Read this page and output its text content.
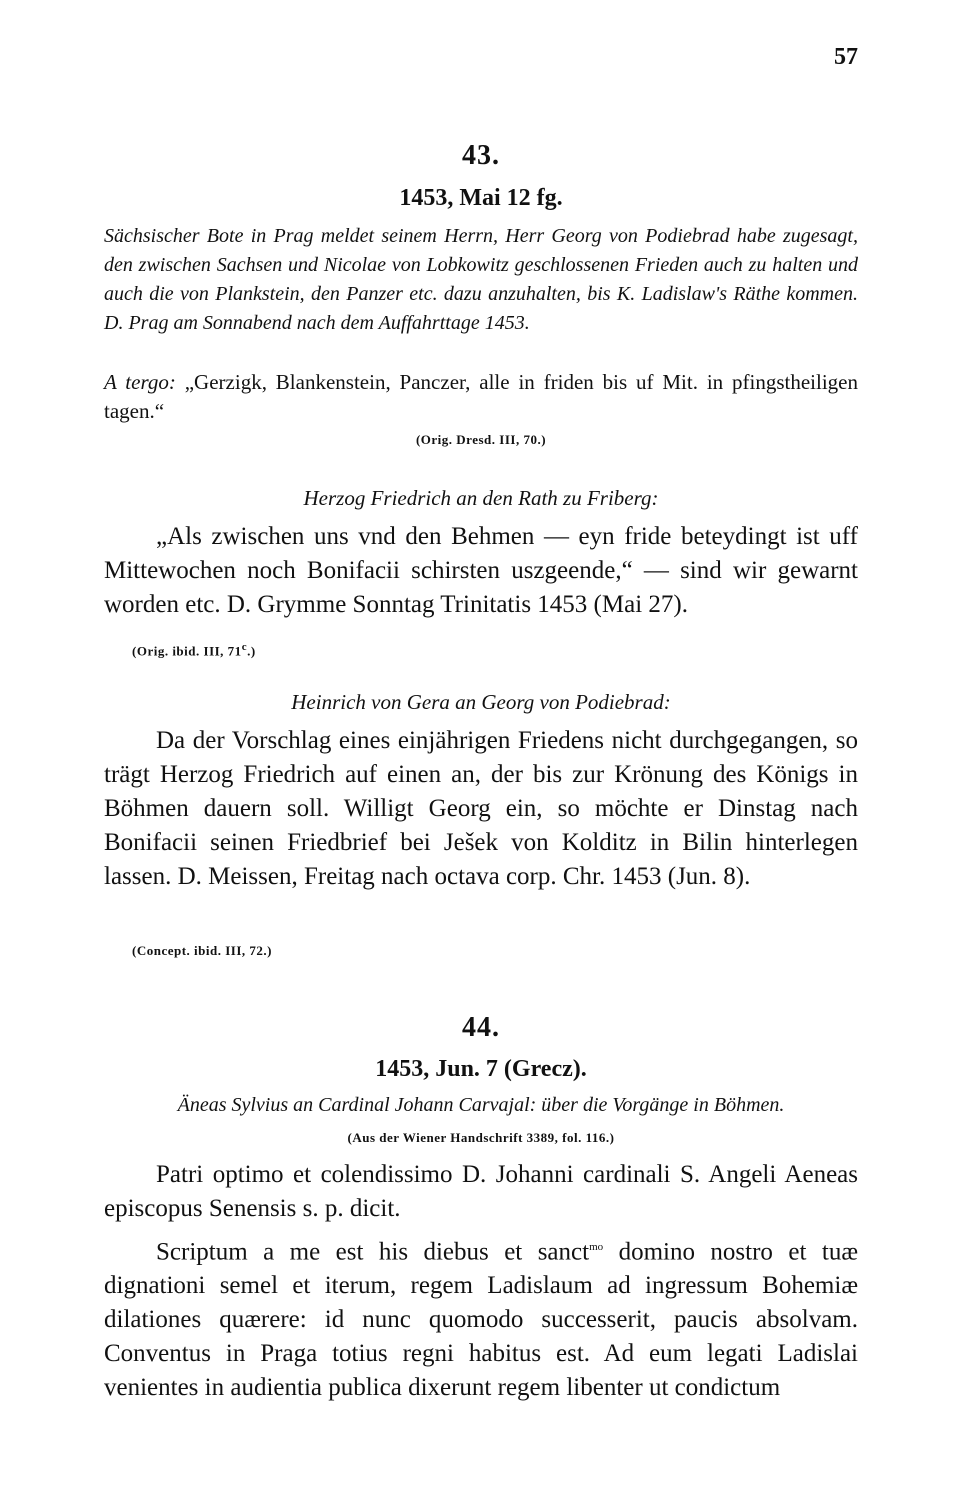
57
43.
1453, Mai 12 fg.
Sächsischer Bote in Prag meldet seinem Herrn, Herr Georg von Podiebrad habe zugesagt, den zwischen Sachsen und Nicolae von Lobkowitz geschlossenen Frieden auch zu halten und auch die von Plankstein, den Panzer etc. dazu anzuhalten, bis K. Ladislaw's Räthe kommen. D. Prag am Sonnabend nach dem Auffahrttage 1453.
A tergo: „Gerzigk, Blankenstein, Panczer, alle in friden bis uf Mit. in pfingstheiligen tagen.“
(Orig. Dresd. III, 70.)
Herzog Friedrich an den Rath zu Friberg:
„Als zwischen uns vnd den Behmen — eyn fride beteydingt ist uff Mittewochen noch Bonifacii schirsten uszgeende,“ — sind wir gewarnt worden etc. D. Grymme Sonntag Trinitatis 1453 (Mai 27).
(Orig. ibid. III, 71$^c$.)
Heinrich von Gera an Georg von Podiebrad:
Da der Vorschlag eines einjährigen Friedens nicht durchgegangen, so trägt Herzog Friedrich auf einen an, der bis zur Krönung des Königs in Böhmen dauern soll. Willigt Georg ein, so möchte er Dinstag nach Bonifacii seinen Friedbrief bei Ješek von Kolditz in Bilin hinterlegen lassen. D. Meissen, Freitag nach octava corp. Chr. 1453 (Jun. 8).
(Concept. ibid. III, 72.)
44.
1453, Jun. 7 (Grecz).
Äneas Sylvius an Cardinal Johann Carvajal: über die Vorgänge in Böhmen.
(Aus der Wiener Handschrift 3389, fol. 116.)
Patri optimo et colendissimo D. Johanni cardinali S. Angeli Aeneas episcopus Senensis s. p. dicit.
Scriptum a me est his diebus et sanct$^{mo}$ domino nostro et tuæ dignationi semel et iterum, regem Ladislaum ad ingressum Bohemiæ dilationes quærere: id nunc quomodo successerit, paucis absolvam. Conventus in Praga totius regni habitus est. Ad eum legati Ladislai venientes in audientia publica dixerunt regem libenter ut condictum
